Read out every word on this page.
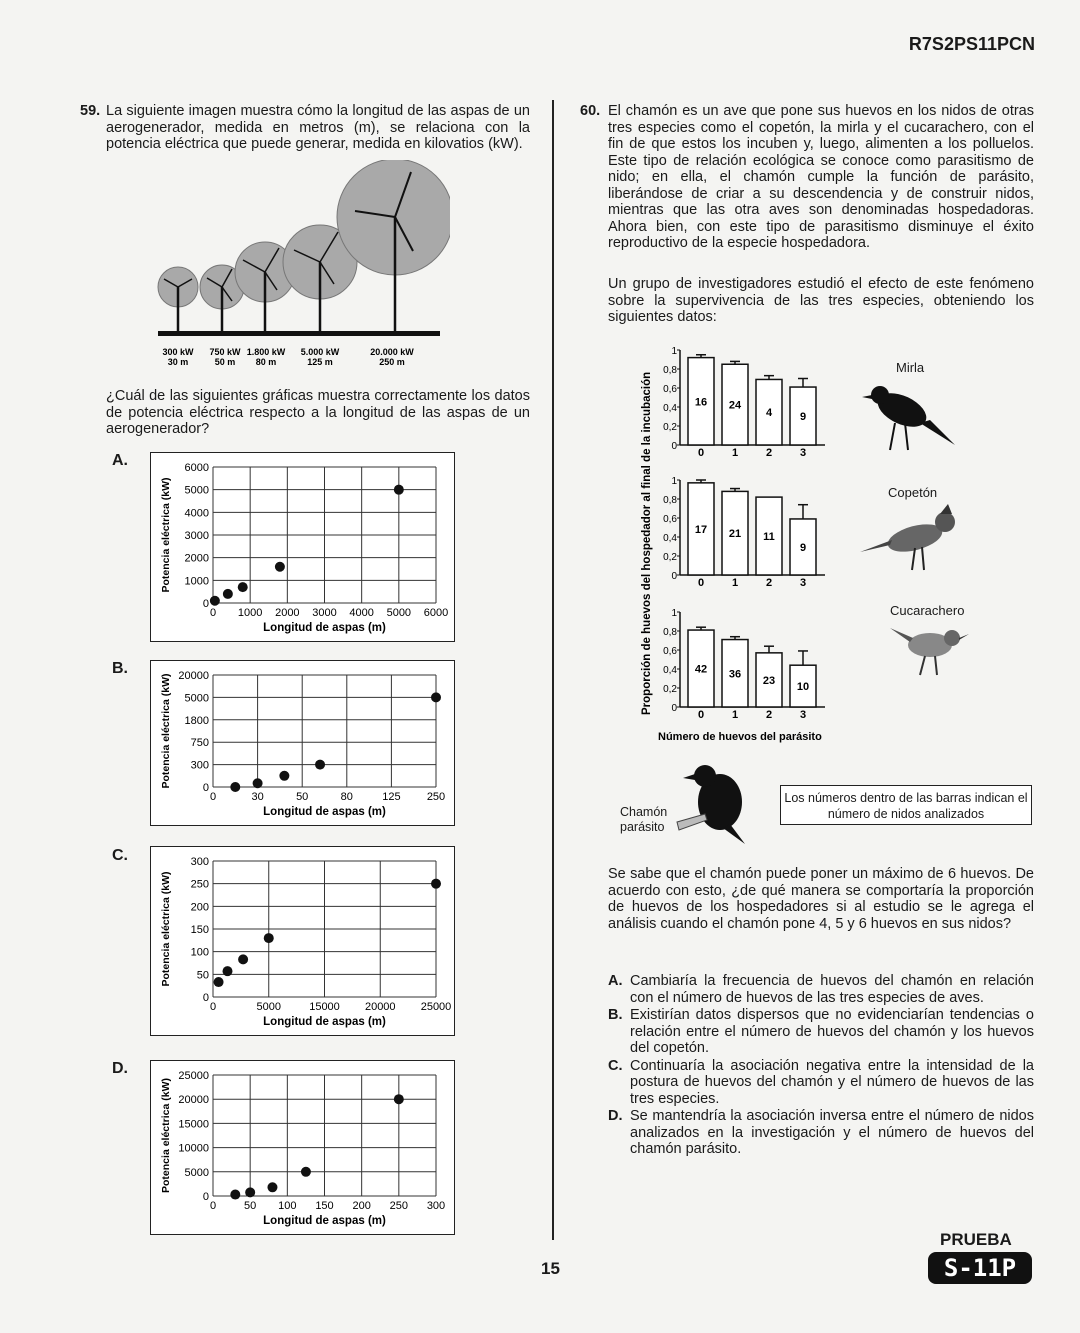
R7S2PS11PCN
59. La siguiente imagen muestra cómo la longitud de las aspas de un aerogenerador, medida en metros (m), se relaciona con la potencia eléctrica que puede generar, medida en kilovatios (kW).

300 kW
30 m
750 kW
50 m
1.800 kW
80 m
5.000 kW
125 m
20.000 kW
250 m

¿Cuál de las siguientes gráficas muestra correctamente los datos de potencia eléctrica respecto a la longitud de las aspas de un aerogenerador?

A.
0 1000 2000 3000 4000 5000 6000
0
1000
2000
3000
4000
5000
6000
Longitud de aspas (m)
Potencia eléctrica (kW)
B.
0	30	50	80	125 250
0
300
750
1800
5000
20000
Longitud de aspas (m)
Potencia eléctrica (kW)
C.
0	5000	15000 20000 25000
0
50
100
150
200
250
300
Longitud de aspas (m)
Potencia eléctrica (kW)
D.
0	50 100 150 200 250 300
0
5000
10000
15000
20000
25000
Longitud de aspas (m)
Potencia eléctrica (kW)
60. El chamón es un ave que pone sus huevos en los nidos de otras tres especies como el copetón, la mirla y el cucarachero, con el fin de que estos los incuben y, luego, alimenten a los polluelos. Este tipo de relación ecológica se conoce como parasitismo de nido; en ella, el chamón cumple la función de parásito, liberándose de criar a su descendencia y de construir nidos, mientras que las otra aves son denominadas hospedadoras. Ahora bien, con este tipo de parasitismo disminuye el éxito reproductivo de la especie hospedadora.

Un grupo de investigadores estudió el efecto de este fenómeno sobre la supervivencia de las tres especies, obteniendo los siguientes datos:

Proporción de huevos del hospedador al final de la incubación 0
0,2
0,4
0,6
0,8
1
16
0
24
1
4
2
9
3
0
0,2
0,4
0,6
0,8
1
17
0
21
1
11
2
9
3
0
0,2
0,4
0,6
0,8
1
42
0
36
1
23
2
10
3
Número de huevos del parásito
Mirla
Copetón
Cucarachero
Chamón
parásito
Los números dentro de las barras indican el número de nidos analizados

Se sabe que el chamón puede poner un máximo de 6 huevos. De acuerdo con esto, ¿de qué manera se comportaría la proporción de huevos de los hospedadores si al estudio se le agrega el análisis cuando el chamón pone 4, 5 y 6 huevos en sus nidos?

A. Cambiaría la frecuencia de huevos del chamón en relación con el número de huevos de las tres especies de aves.
B. Existirían datos dispersos que no evidenciarían tendencias o relación entre el número de huevos del chamón y los huevos del copetón.
C. Continuaría la asociación negativa entre la intensidad de la postura de huevos del chamón y el número de huevos de las tres especies.
D. Se mantendría la asociación inversa entre el número de nidos analizados en la investigación y el número de huevos del chamón parásito.
15
PRUEBA
S-11P
